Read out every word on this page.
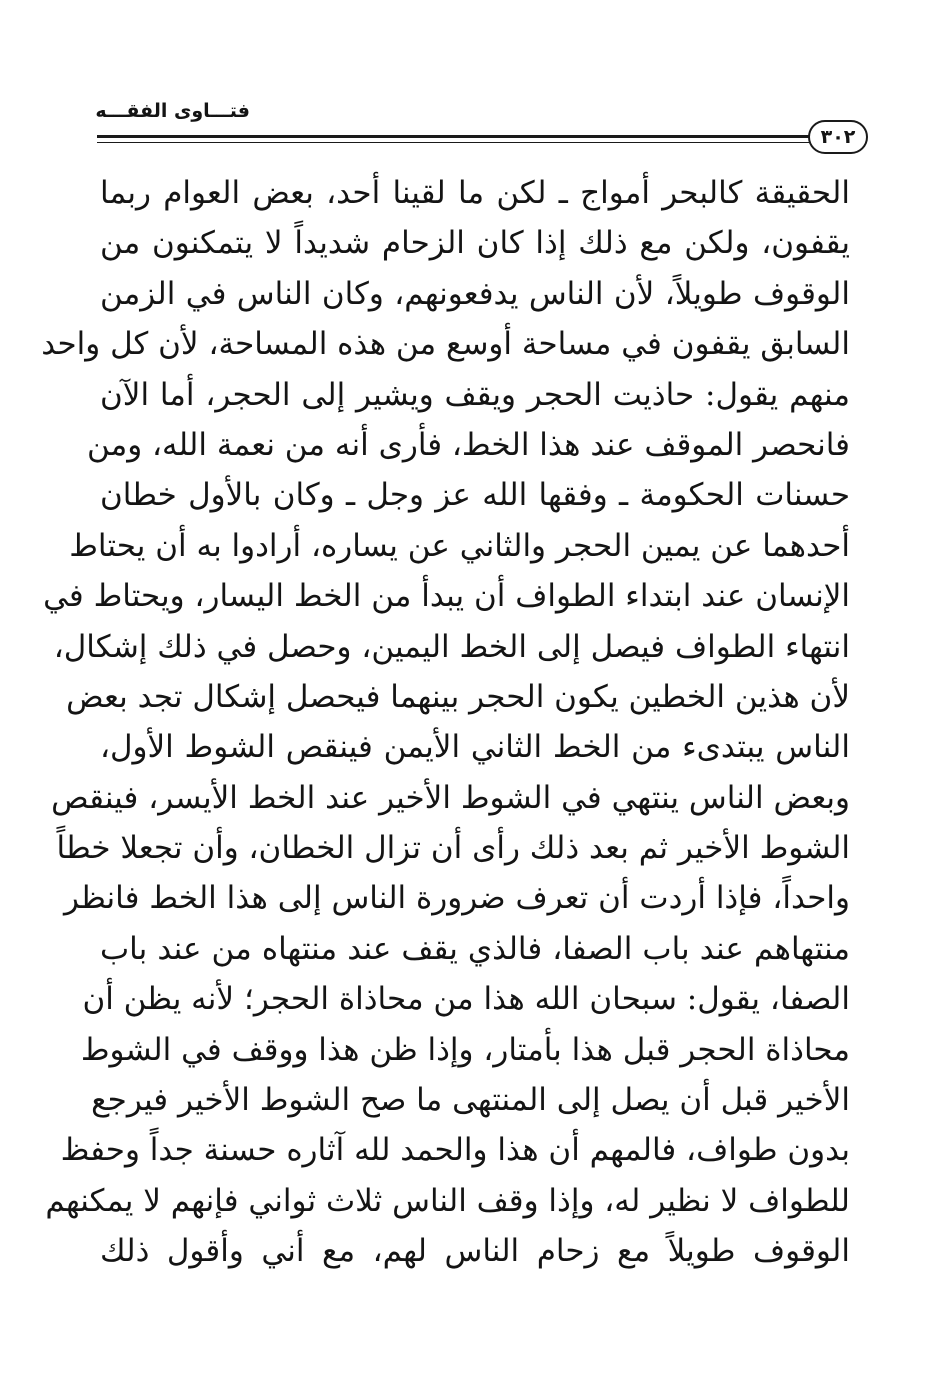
فتـــاوى الفقـــه
٣٠٢
الحقيقة كالبحر أمواج ـ لكن ما لقينا أحد، بعض العوام ربما
يقفون، ولكن مع ذلك إذا كان الزحام شديداً لا يتمكنون من
الوقوف طويلاً، لأن الناس يدفعونهم، وكان الناس في الزمن
السابق يقفون في مساحة أوسع من هذه المساحة، لأن كل واحد
منهم يقول: حاذيت الحجر ويقف ويشير إلى الحجر، أما الآن
فانحصر الموقف عند هذا الخط، فأرى أنه من نعمة الله، ومن
حسنات الحكومة ـ وفقها الله عز وجل ـ وكان بالأول خطان
أحدهما عن يمين الحجر والثاني عن يساره، أرادوا به أن يحتاط
الإنسان عند ابتداء الطواف أن يبدأ من الخط اليسار، ويحتاط في
انتهاء الطواف فيصل إلى الخط اليمين، وحصل في ذلك إشكال،
لأن هذين الخطين يكون الحجر بينهما فيحصل إشكال تجد بعض
الناس يبتدىء من الخط الثاني الأيمن فينقص الشوط الأول،
وبعض الناس ينتهي في الشوط الأخير عند الخط الأيسر، فينقص
الشوط الأخير ثم بعد ذلك رأى أن تزال الخطان، وأن تجعلا خطاً
واحداً، فإذا أردت أن تعرف ضرورة الناس إلى هذا الخط فانظر
منتهاهم عند باب الصفا، فالذي يقف عند منتهاه من عند باب
الصفا، يقول: سبحان الله هذا من محاذاة الحجر؛ لأنه يظن أن
محاذاة الحجر قبل هذا بأمتار، وإذا ظن هذا ووقف في الشوط
الأخير قبل أن يصل إلى المنتهى ما صح الشوط الأخير فيرجع
بدون طواف، فالمهم أن هذا والحمد لله آثاره حسنة جداً وحفظ
للطواف لا نظير له، وإذا وقف الناس ثلاث ثواني فإنهم لا يمكنهم
الوقوف طويلاً مع زحام الناس لهم، مع أني وأقول ذلك
